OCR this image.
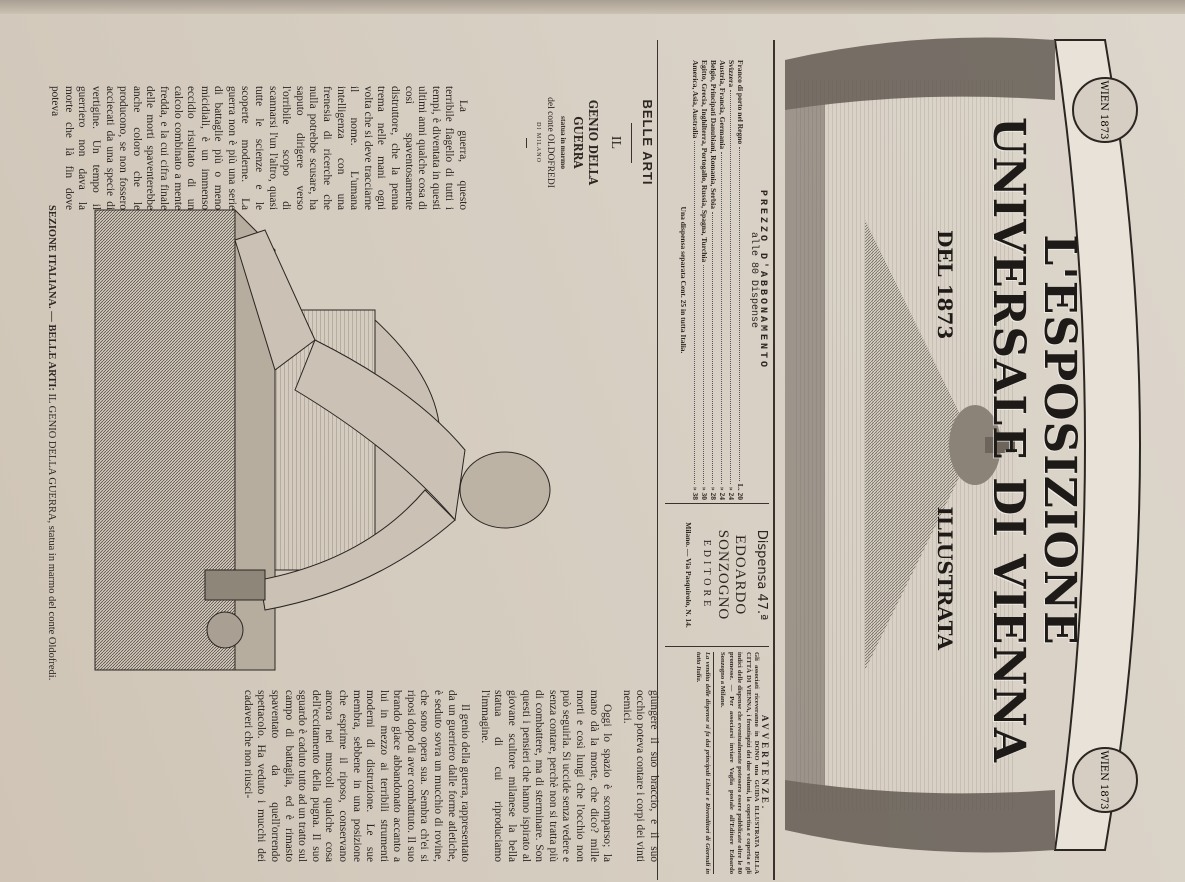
WIEN 1873
WIEN 1873
L'ESPOSIZIONE UNIVERSALE DI VIENNA
DEL 1873
ILLUSTRATA
PREZZO D'ABBONAMENTO
alle 80 Dispense
Franco di porto nel Regno
L. 20
Svizzera
» 24
Austria, Francia, Germania
» 24
Belgio, Principati Danubiani, Romania, Serbia
» 28
Egitto, Grecia, Inghilterra, Portogallo, Russia, Spagna, Turchia
» 30
America, Asia, Australia
» 38
Una dispensa separata Cent. 25 in tutta Italia.
Dispensa 47.ª
EDOARDO SONZOGNO
EDITORE
Milano. — Via Pasquirolo, N. 14.
AVVERTENZE.
Gli associati riceveranno in DONO una GUIDA ILLUSTRATA DELLA CITTÀ DI VIENNA, i frontispizi dei due volumi, la copertina e coperta e gli indici delle dispense che eventualmente potessero essere pubblicate oltre le 80 promesse. — Per associarsi inviare Vaglia postale all'Editore Edoardo Sonzogno a Milano.
La vendita delle dispense si fa dai principali Librai e Rivenditori di Giornali in tutta Italia.
BELLE ARTI
IL
GENIO DELLA GUERRA
statua in marmo
del conte OLDOFREDI
DI MILANO

La guerra, questo terribile flagello di tutti i tempi, è diventata in questi ultimi anni qualche cosa di così spaventosamente distruttore, che la penna trema nelle mani ogni volta che si deve tracciarne il nome. L'umana intelligenza con una frenesia di ricerche che nulla potrebbe scusare, ha saputo dirigere verso l'orribile scopo di scannarsi l'un l'altro, quasi tutte le scienze e le scoperte moderne. La guerra non è più una serie di battaglie più o meno micidiali, è un immenso eccidio risultato di un calcolo combinato a mente fredda, e la cui cifra finale delle morti spaventerebbe anche coloro che le producono, se non fossero acciecati da una specie di vertigine. Un tempo il guerriero non dava la morte che là fin dove poteva

giungere il suo braccio, e il suo occhio poteva contare i corpi dei vinti nemici.

Oggi lo spazio è scomparso; la mano dà la morte, che dico? mille morti e così lungi che l'occhio non può seguirla. Si uccide senza vedere e senza contare, perchè non si tratta più di combattere, ma di sterminare. Son questi i pensieri che hanno ispirato al giovane scultore milanese la bella statua di cui riproduciamo l'immagine.

Il genio della guerra, rappresentato da un guerriero dalle forme atletiche, è seduto sovra un mucchio di rovine, che sono opera sua. Sembra ch'ei si riposi dopo di aver combattuto. Il suo brando giace abbandonato accanto a lui in mezzo ai terribili strumenti moderni di distruzione. Le sue membra, sebbene in una posizione che esprime il riposo, conservano ancora nei muscoli qualche cosa dell'eccitamento della pugna. Il suo sguardo è caduto tutto ad un tratto sul campo di battaglia, ed è rimasto spaventato da quell'orrendo spettacolo. Ha veduto i mucchi dei cadaveri che non riusci-

SEZIONE ITALIANA. — BELLE ARTI: IL GENIO DELLA GUERRA, statua in marmo del conte Oldofredi.
